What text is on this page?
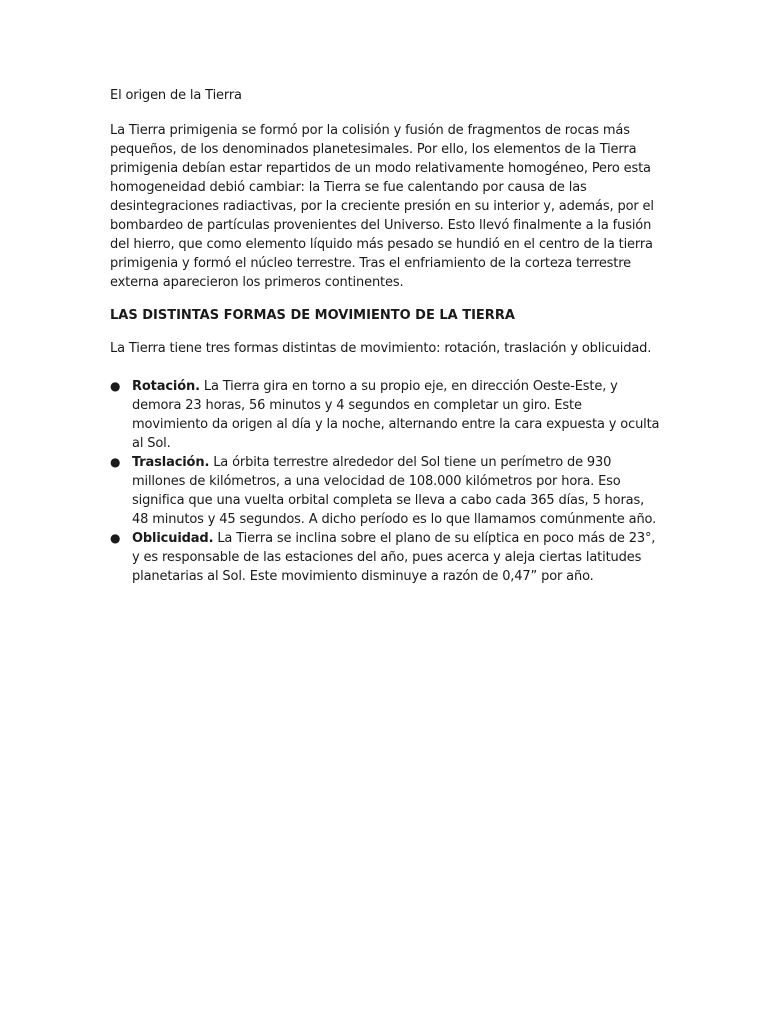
El origen de la Tierra

La Tierra primigenia se formó por la colisión y fusión de fragmentos de rocas más pequeños, de los denominados planetesimales. Por ello, los elementos de la Tierra primigenia debían estar repartidos de un modo relativamente homogéneo, Pero esta homogeneidad debió cambiar: la Tierra se fue calentando por causa de las desintegraciones radiactivas, por la creciente presión en su interior y, además, por el bombardeo de partículas provenientes del Universo. Esto llevó finalmente a la fusión del hierro, que como elemento líquido más pesado se hundió en el centro de la tierra primigenia y formó el núcleo terrestre. Tras el enfriamiento de la corteza terrestre externa aparecieron los primeros continentes.

LAS DISTINTAS FORMAS DE MOVIMIENTO DE LA TIERRA

La Tierra tiene tres formas distintas de movimiento: rotación, traslación y oblicuidad.

● Rotación. La Tierra gira en torno a su propio eje, en dirección Oeste-Este, y demora 23 horas, 56 minutos y 4 segundos en completar un giro. Este movimiento da origen al día y la noche, alternando entre la cara expuesta y oculta al Sol.
● Traslación. La órbita terrestre alrededor del Sol tiene un perímetro de 930 millones de kilómetros, a una velocidad de 108.000 kilómetros por hora. Eso significa que una vuelta orbital completa se lleva a cabo cada 365 días, 5 horas, 48 minutos y 45 segundos. A dicho período es lo que llamamos comúnmente año.
● Oblicuidad. La Tierra se inclina sobre el plano de su elíptica en poco más de 23°, y es responsable de las estaciones del año, pues acerca y aleja ciertas latitudes planetarias al Sol. Este movimiento disminuye a razón de 0,47” por año.
